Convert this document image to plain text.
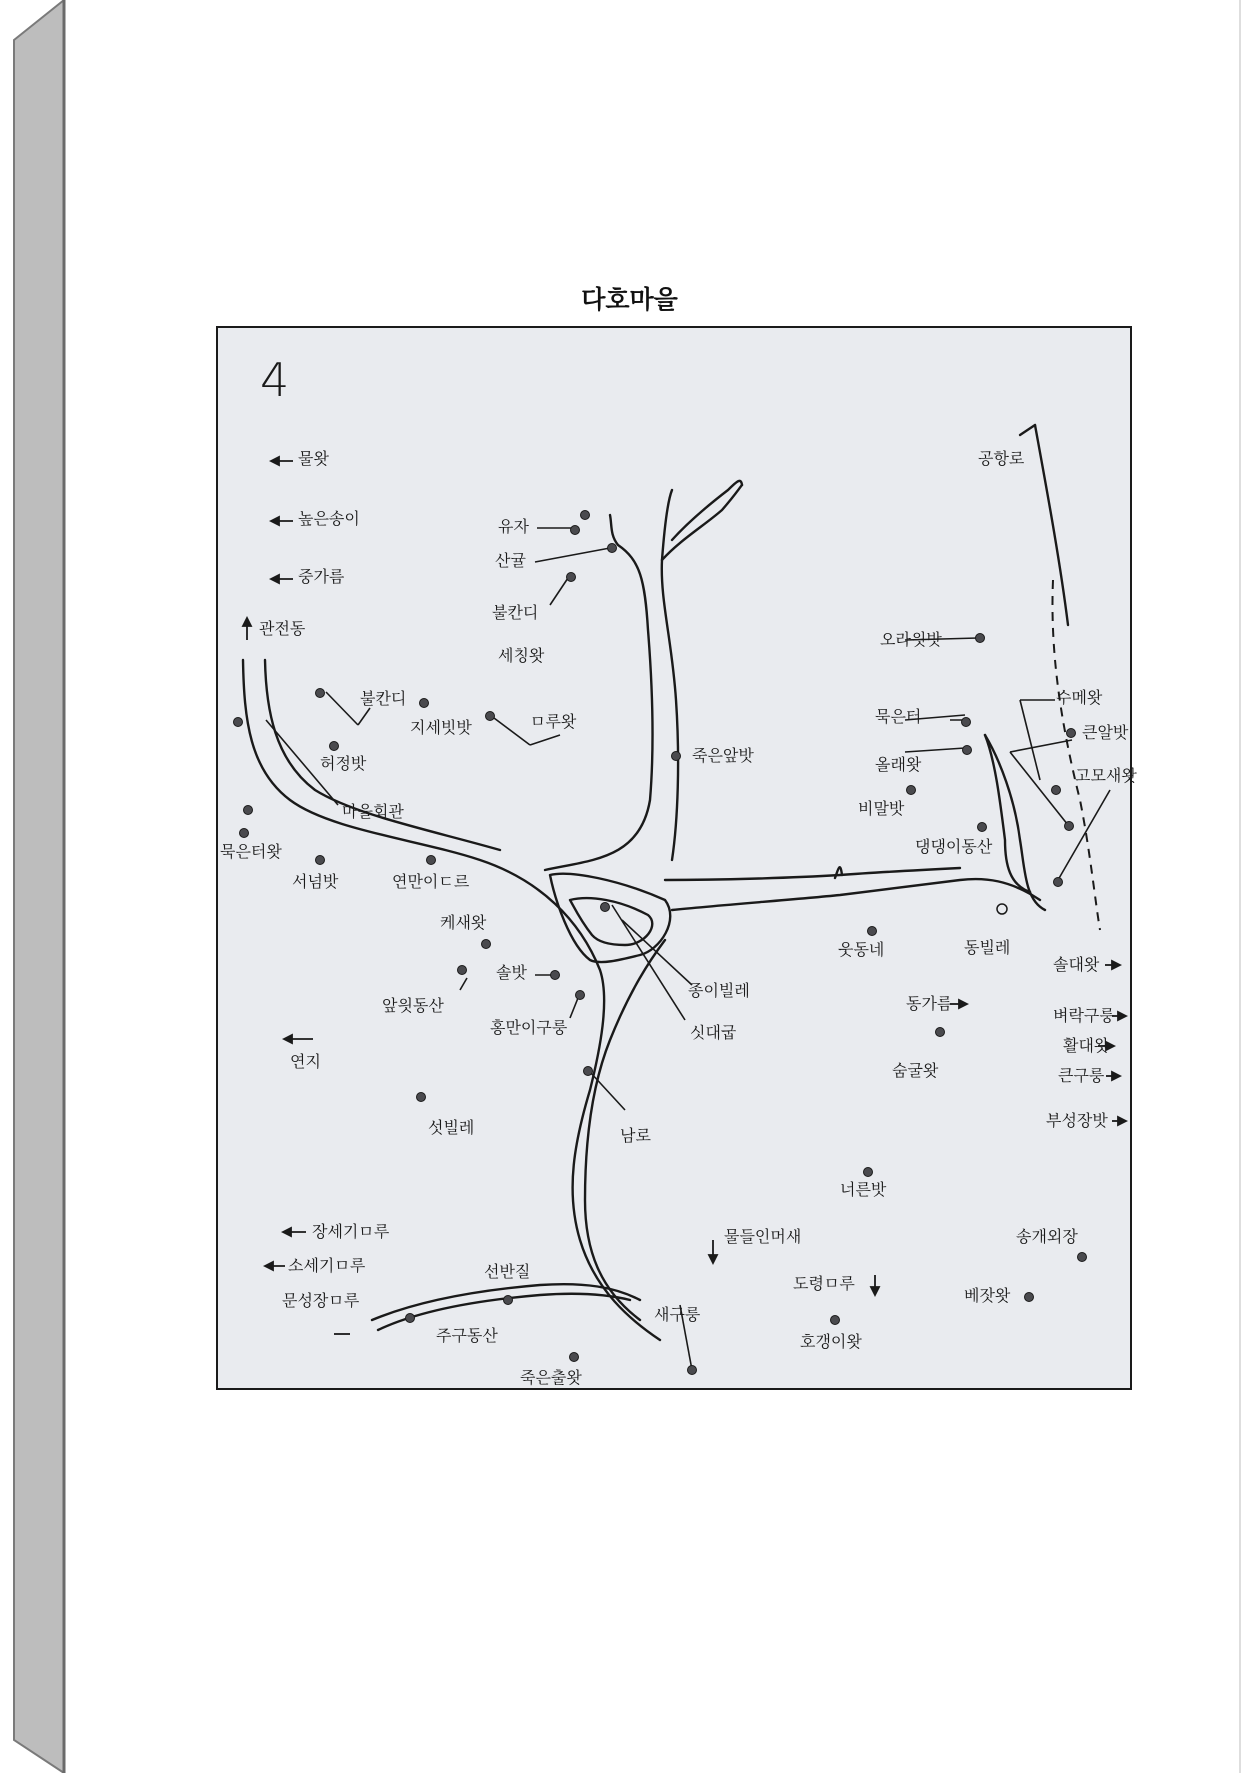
다호마을
4
물왓
높은송이
중가름
관전동
불칸디
지세빗밧	ㅁ루왓
허정밧
마을회관
묵은터왓
서넘밧	연만이ㄷ르
유자
산귤
불칸디
세칭왓
죽은앞밧
공항로
오라읫밧
수메왓
묵은터
큰알밧
올래왓
고모새왓
비말밧
댕댕이동산
케새왓
솔밧
앞읫동산
홍만이구룽
종이빌레
싯대굽
웃동네	동빌레
솔대왓
동가름
벼락구룽
활대왓
숨굴왓	큰구룽
부성장밧
연지
섯빌레	남로
너른밧
장세기ㅁ루
소세기ㅁ루
문성장ㅁ루
선반질
물들인머새	송개외장
도령ㅁ루
베잣왓
새구룽
주구동산	호갱이왓
죽은출왓
